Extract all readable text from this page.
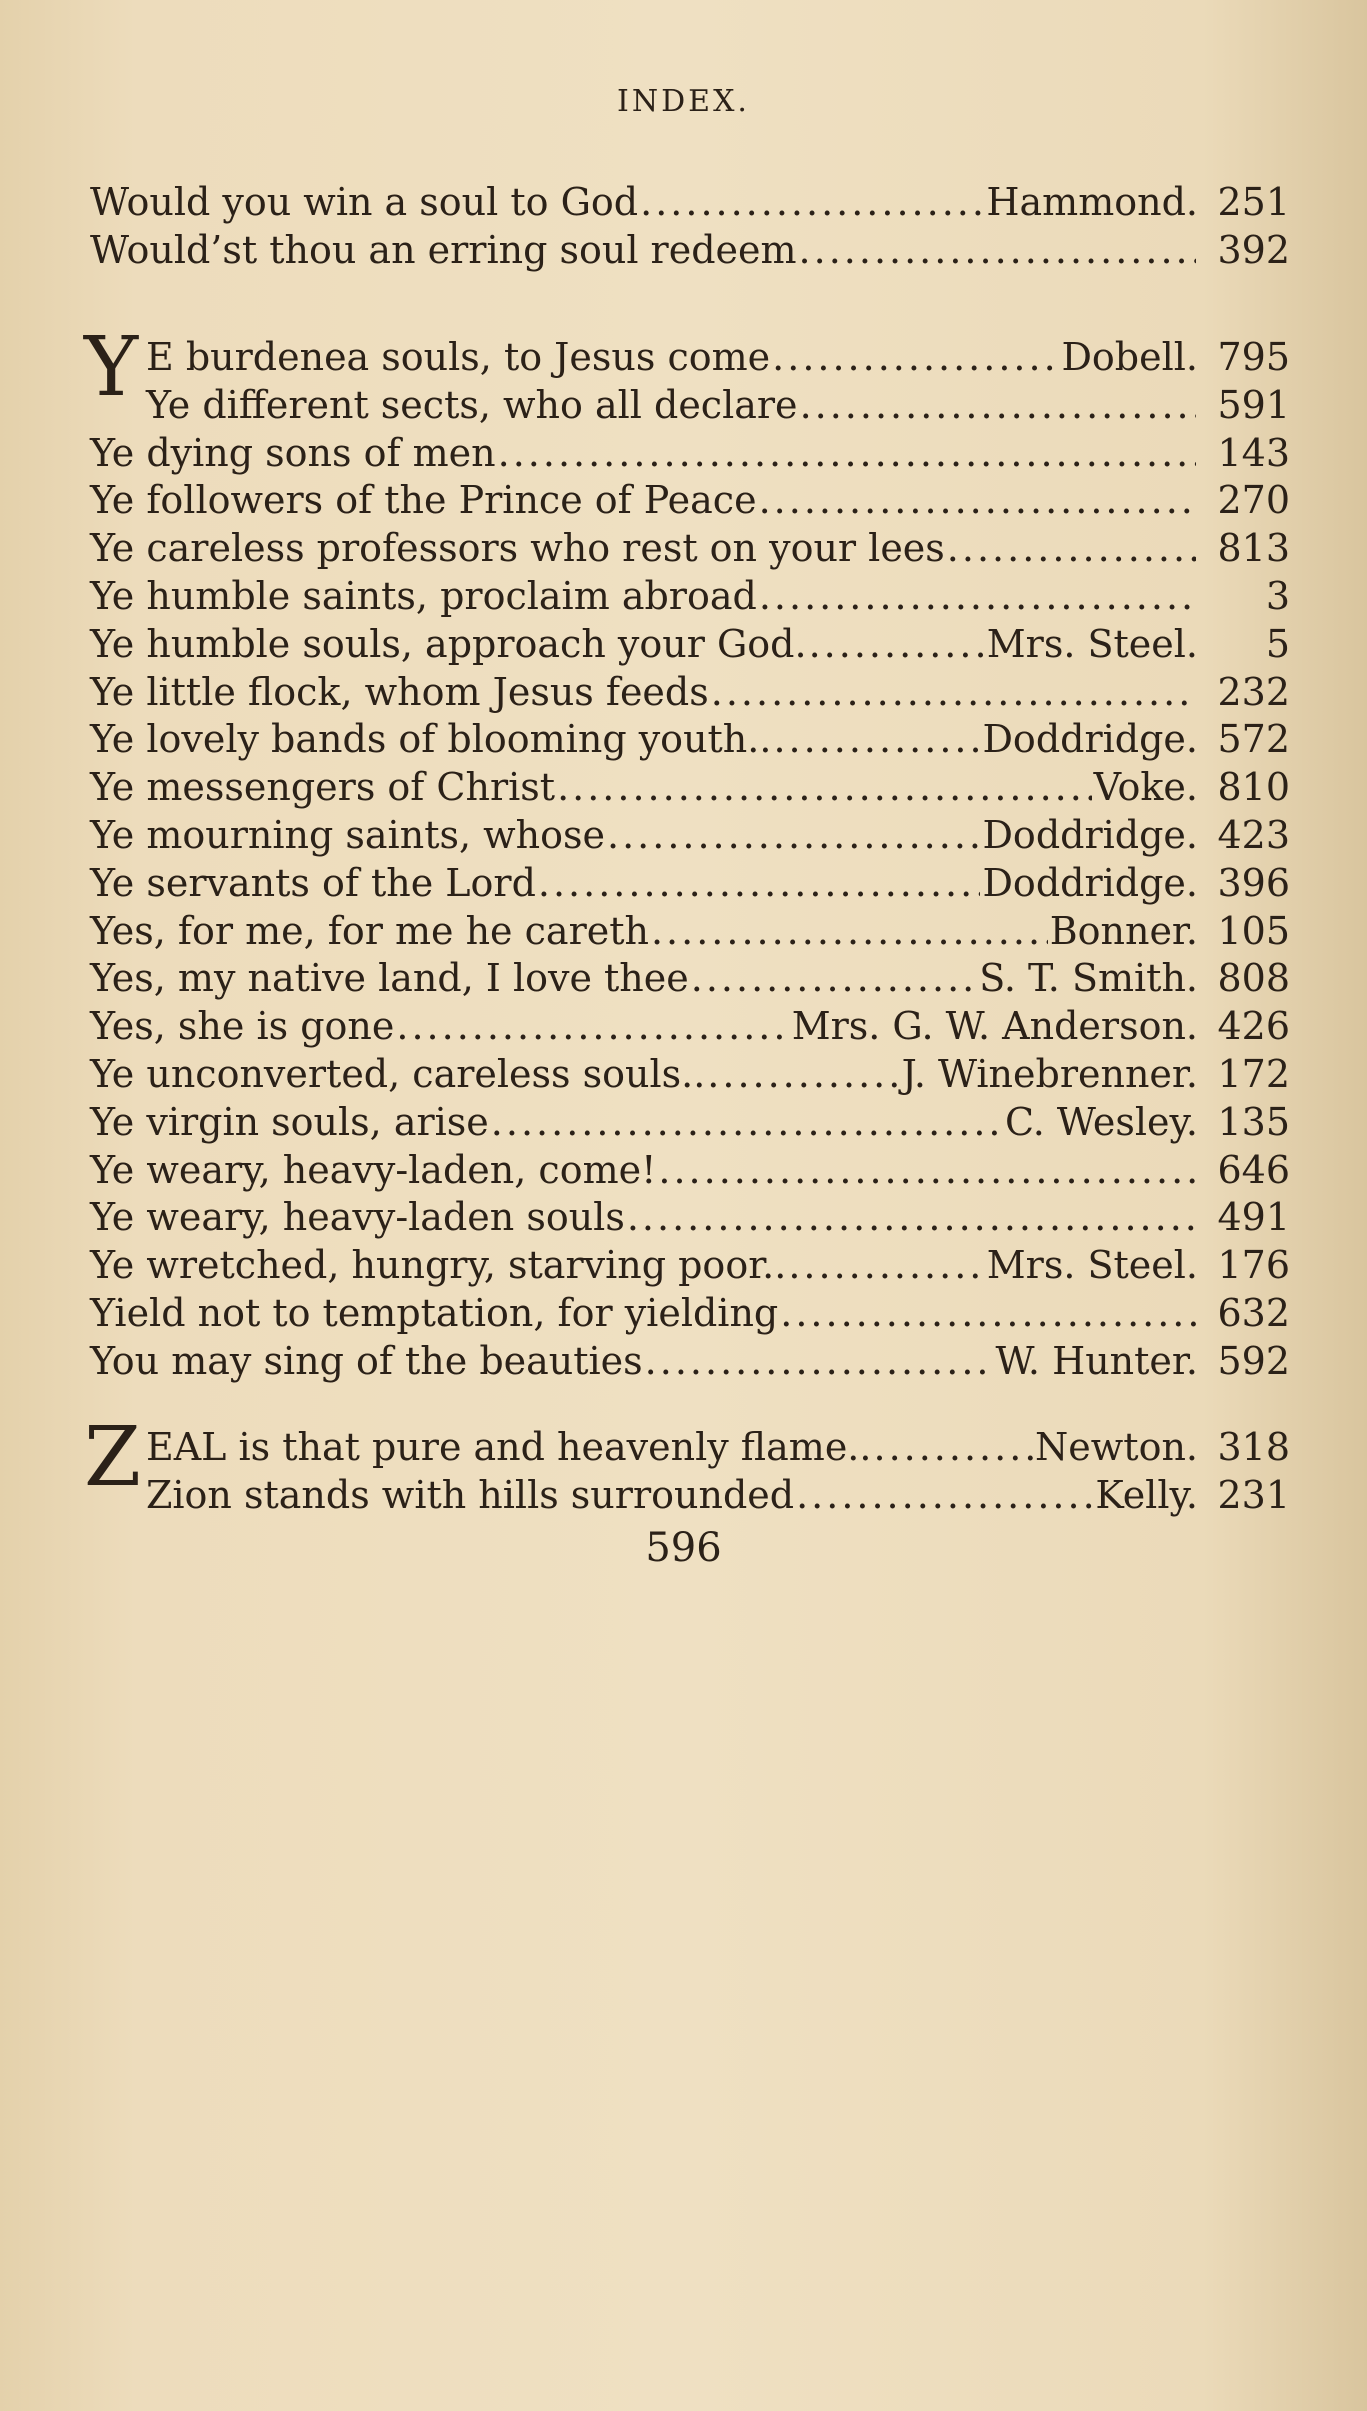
INDEX.
Would you win a soul to God .....	Hammond. 251
Would’st thou an erring soul redeem .....	392
Y E burdenea souls, to Jesus come .....	Dobell. 795
Ye different sects, who all declare .....	591
Ye dying sons of men .....	143
Ye followers of the Prince of Peace .....	270
Ye careless professors who rest on your lees .....	813
Ye humble saints, proclaim abroad .....	3
Ye humble souls, approach your God. .....	Mrs. Steel.	5
Ye little flock, whom Jesus feeds .....	232
Ye lovely bands of blooming youth.. .....	Doddridge. 572
Ye messengers of Christ .....	Voke. 810
Ye mourning saints, whose .....	Doddridge. 423
Ye servants of the Lord .....	Doddridge. 396
Yes, for me, for me he careth .....	Bonner. 105
Yes, my native land, I love thee .....	S. T. Smith. 808
Yes, she is gone .....	Mrs. G. W. Anderson. 426
Ye unconverted, careless souls.. .....	J. Winebrenner. 172
Ye virgin souls, arise .....	C. Wesley. 135
Ye weary, heavy-laden, come! .....	646
Ye weary, heavy-laden souls .....	491
Ye wretched, hungry, starving poor.. .....	Mrs. Steel. 176
Yield not to temptation, for yielding .....	632
You may sing of the beauties .....	W. Hunter. 592
Z EAL is that pure and heavenly flame.. .....	Newton. 318
Zion stands with hills surrounded .....	Kelly. 231
596
